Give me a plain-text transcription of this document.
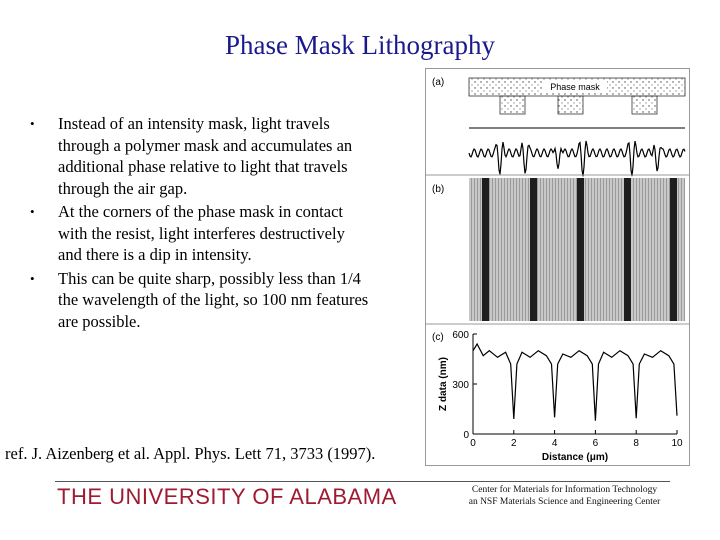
Phase Mask Lithography
• Instead of an intensity mask, light travels through a polymer mask and accumulates an additional phase relative to light that travels through the air gap.
• At the corners of the phase mask in contact with the resist, light interferes destructively and there is a dip in intensity.
• This can be quite sharp, possibly less than 1/4 the wavelength of the light, so 100 nm features are possible.
ref. J. Aizenberg et al. Appl. Phys. Lett 71, 3733 (1997).
(a)	Phase mask
(b)
(c)
0	2	4	6	8	10
0
300
600
Distance (μm)
Z data (nm)
THE UNIVERSITY OF ALABAMA	Center for Materials for Information Technology
an NSF Materials Science and Engineering Center
